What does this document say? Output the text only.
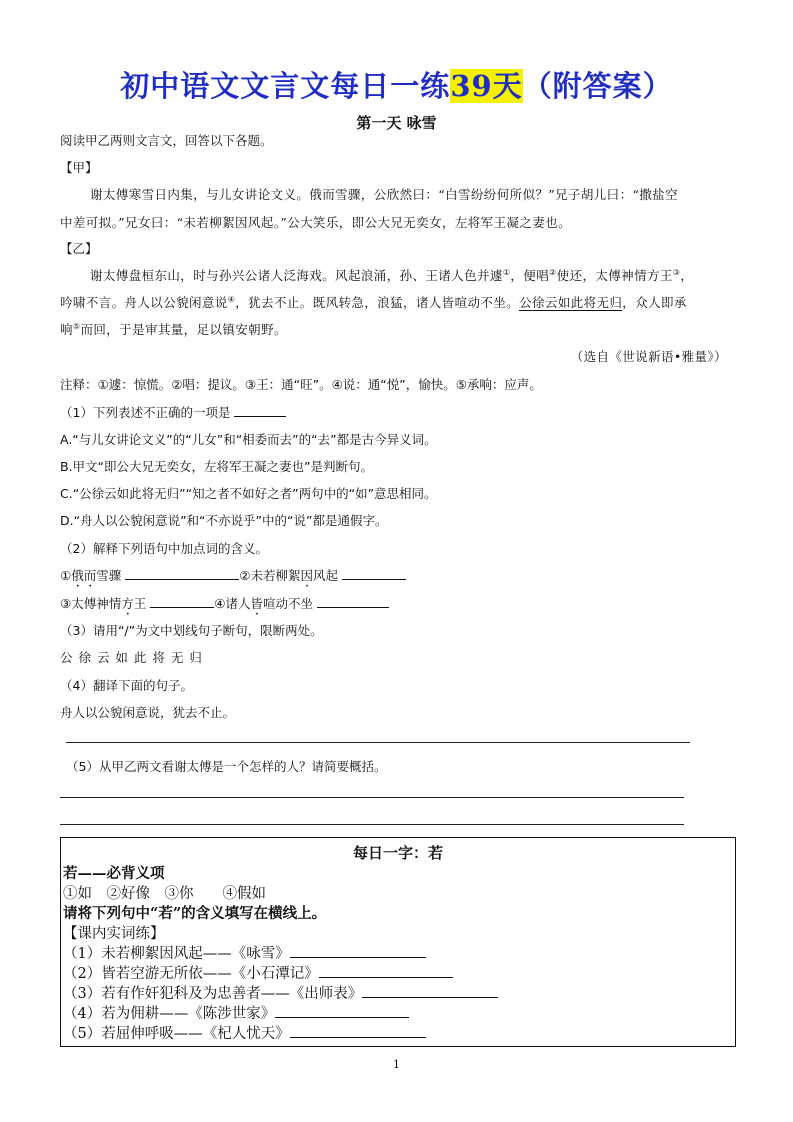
初中语文文言文每日一练39天（附答案）
第一天 咏雪
阅读甲乙两则文言文，回答以下各题。
【甲】
谢太傅寒雪日内集，与儿女讲论文义。俄而雪骤，公欣然曰：“白雪纷纷何所似？”兄子胡儿曰：“撒盐空
中差可拟。”兄女曰：“未若柳絮因风起。”公大笑乐，即公大兄无奕女，左将军王凝之妻也。
【乙】
谢太傅盘桓东山，时与孙兴公诸人泛海戏。风起浪涌，孙、王诸人色并遽①，便唱②使还，太傅神情方王③，
吟啸不言。舟人以公貌闲意说④，犹去不止。既风转急，浪猛，诸人皆喧动不坐。公徐云如此将无归，众人即承
响⑤而回，于是审其量，足以镇安朝野。
（选自《世说新语•雅量》）
注释：①遽：惊慌。②唱：提议。③王：通“旺”。④说：通“悦”，愉快。⑤承响：应声。
（1）下列表述不正确的一项是
A.“与儿女讲论文义”的“儿女”和“相委而去”的“去”都是古今异义词。
B.甲文“即公大兄无奕女，左将军王凝之妻也”是判断句。
C.“公徐云如此将无归”“知之者不如好之者”两句中的“如”意思相同。
D.“舟人以公貌闲意说”和“不亦说乎”中的“说”都是通假字。
（2）解释下列语句中加点词的含义。
①俄而雪骤	②未若柳絮因风起
③太傅神情方王	④诸人皆喧动不坐
（3）请用“/”为文中划线句子断句，限断两处。
公 徐 云 如 此 将 无 归
（4）翻译下面的句子。
舟人以公貌闲意说，犹去不止。
（5）从甲乙两文看谢太傅是一个怎样的人？请简要概括。
每日一字：若
若——必背义项
①如　②好像　③你　　④假如
请将下列句中“若”的含义填写在横线上。
【课内实词练】
（1）未若柳絮因风起——《咏雪》
（2）皆若空游无所依——《小石潭记》
（3）若有作奸犯科及为忠善者——《出师表》
（4）若为佣耕——《陈涉世家》
（5）若屈伸呼吸——《杞人忧天》
1
